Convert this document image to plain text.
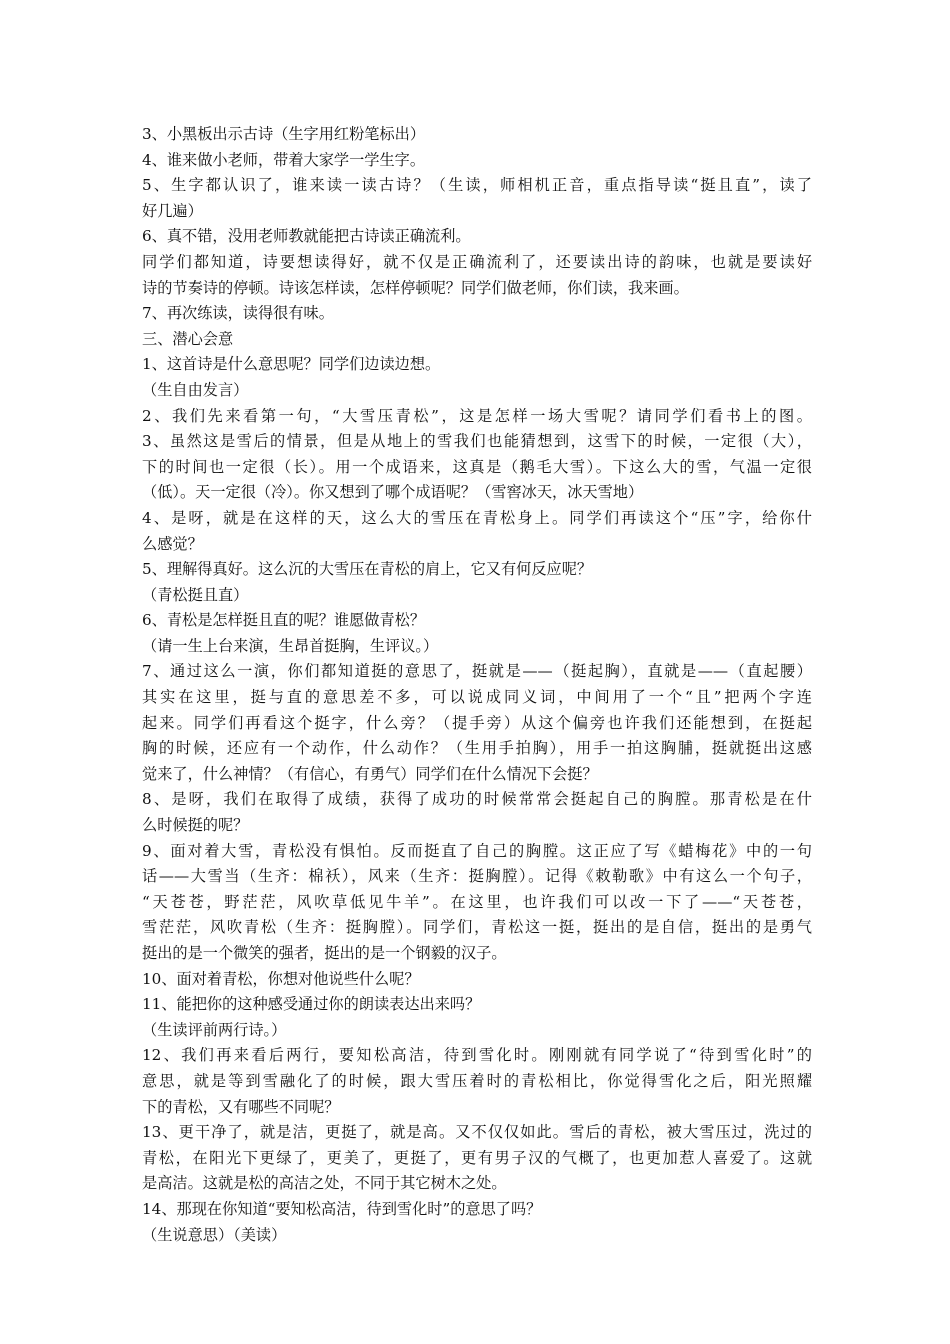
3、小黑板出示古诗（生字用红粉笔标出）
4、谁来做小老师，带着大家学一学生字。
5、生字都认识了，谁来读一读古诗？（生读，师相机正音，重点指导读“挺且直”，读了
好几遍）
6、真不错，没用老师教就能把古诗读正确流利。
同学们都知道，诗要想读得好，就不仅是正确流利了，还要读出诗的韵味，也就是要读好
诗的节奏诗的停顿。诗该怎样读，怎样停顿呢？同学们做老师，你们读，我来画。
7、再次练读，读得很有味。
三、潜心会意
1、这首诗是什么意思呢？同学们边读边想。
（生自由发言）
2、我们先来看第一句，“大雪压青松”，这是怎样一场大雪呢？请同学们看书上的图。
3、虽然这是雪后的情景，但是从地上的雪我们也能猜想到，这雪下的时候，一定很（大），
下的时间也一定很（长）。用一个成语来，这真是（鹅毛大雪）。下这么大的雪，气温一定很
（低）。天一定很（冷）。你又想到了哪个成语呢？（雪窖冰天，冰天雪地）
4、是呀，就是在这样的天，这么大的雪压在青松身上。同学们再读这个“压”字，给你什
么感觉？
5、理解得真好。这么沉的大雪压在青松的肩上，它又有何反应呢？
（青松挺且直）
6、青松是怎样挺且直的呢？谁愿做青松？
（请一生上台来演，生昂首挺胸，生评议。）
7、通过这么一演，你们都知道挺的意思了，挺就是——（挺起胸），直就是——（直起腰）
其实在这里，挺与直的意思差不多，可以说成同义词，中间用了一个“且”把两个字连
起来。同学们再看这个挺字，什么旁？（提手旁）从这个偏旁也许我们还能想到，在挺起
胸的时候，还应有一个动作，什么动作？（生用手拍胸），用手一拍这胸脯，挺就挺出这感
觉来了，什么神情？（有信心，有勇气）同学们在什么情况下会挺？
8、是呀，我们在取得了成绩，获得了成功的时候常常会挺起自己的胸膛。那青松是在什
么时候挺的呢？
9、面对着大雪，青松没有惧怕。反而挺直了自己的胸膛。这正应了写《蜡梅花》中的一句
话——大雪当（生齐：棉袄），风来（生齐：挺胸膛）。记得《敕勒歌》中有这么一个句子，
“天苍苍，野茫茫，风吹草低见牛羊”。在这里，也许我们可以改一下了——“天苍苍，
雪茫茫，风吹青松（生齐：挺胸膛）。同学们，青松这一挺，挺出的是自信，挺出的是勇气
挺出的是一个微笑的强者，挺出的是一个钢毅的汉子。
10、面对着青松，你想对他说些什么呢？
11、能把你的这种感受通过你的朗读表达出来吗？
（生读评前两行诗。）
12、我们再来看后两行，要知松高洁，待到雪化时。刚刚就有同学说了“待到雪化时”的
意思，就是等到雪融化了的时候，跟大雪压着时的青松相比，你觉得雪化之后，阳光照耀
下的青松，又有哪些不同呢？
13、更干净了，就是洁，更挺了，就是高。又不仅仅如此。雪后的青松，被大雪压过，洗过的
青松，在阳光下更绿了，更美了，更挺了，更有男子汉的气概了，也更加惹人喜爱了。这就
是高洁。这就是松的高洁之处，不同于其它树木之处。
14、那现在你知道“要知松高洁，待到雪化时”的意思了吗？
（生说意思）（美读）
